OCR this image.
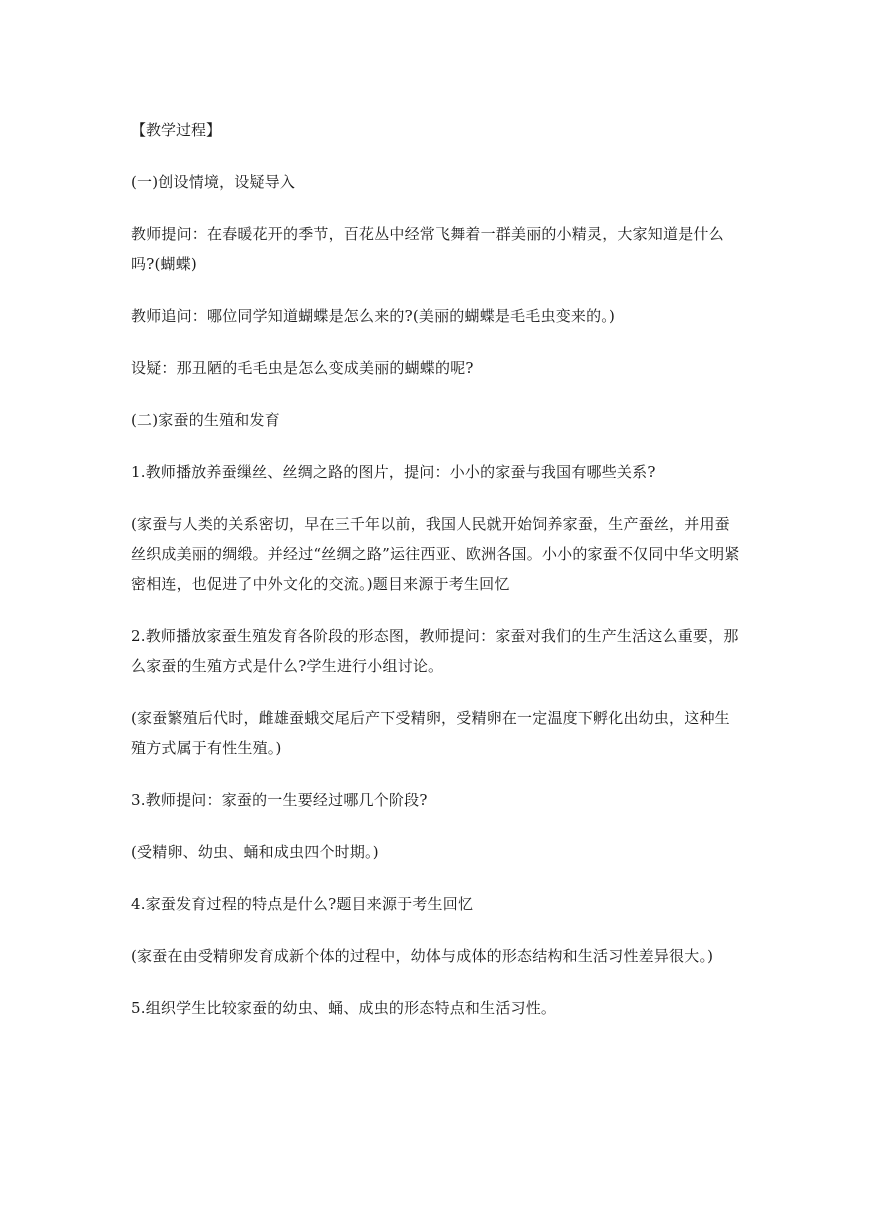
【教学过程】

(一)创设情境，设疑导入

教师提问：在春暖花开的季节，百花丛中经常飞舞着一群美丽的小精灵，大家知道是什么吗?(蝴蝶)

教师追问：哪位同学知道蝴蝶是怎么来的?(美丽的蝴蝶是毛毛虫变来的。)

设疑：那丑陋的毛毛虫是怎么变成美丽的蝴蝶的呢?

(二)家蚕的生殖和发育

1.教师播放养蚕缫丝、丝绸之路的图片，提问：小小的家蚕与我国有哪些关系?

(家蚕与人类的关系密切，早在三千年以前，我国人民就开始饲养家蚕，生产蚕丝，并用蚕丝织成美丽的绸缎。并经过“丝绸之路”运往西亚、欧洲各国。小小的家蚕不仅同中华文明紧密相连，也促进了中外文化的交流。)题目来源于考生回忆

2.教师播放家蚕生殖发育各阶段的形态图，教师提问：家蚕对我们的生产生活这么重要，那么家蚕的生殖方式是什么?学生进行小组讨论。

(家蚕繁殖后代时，雌雄蚕蛾交尾后产下受精卵，受精卵在一定温度下孵化出幼虫，这种生殖方式属于有性生殖。)

3.教师提问：家蚕的一生要经过哪几个阶段?

(受精卵、幼虫、蛹和成虫四个时期。)

4.家蚕发育过程的特点是什么?题目来源于考生回忆

(家蚕在由受精卵发育成新个体的过程中，幼体与成体的形态结构和生活习性差异很大。)

5.组织学生比较家蚕的幼虫、蛹、成虫的形态特点和生活习性。
